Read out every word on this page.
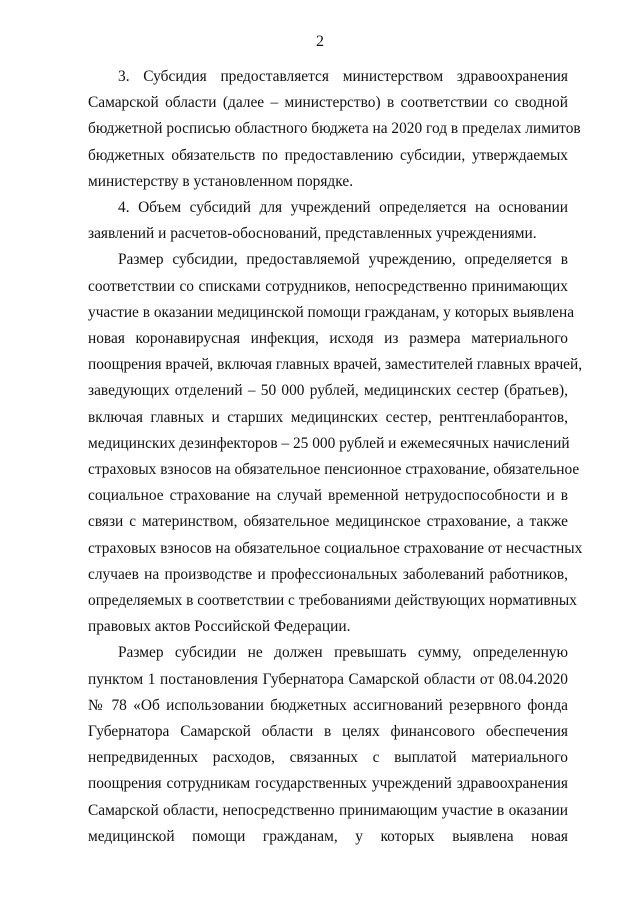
2

3. Субсидия предоставляется министерством здравоохранения
Самарской области (далее – министерство) в соответствии со сводной
бюджетной росписью областного бюджета на 2020 год в пределах лимитов
бюджетных обязательств по предоставлению субсидии, утверждаемых
министерству в установленном порядке.

4. Объем субсидий для учреждений определяется на основании
заявлений и расчетов-обоснований, представленных учреждениями.

Размер субсидии, предоставляемой учреждению, определяется в
соответствии со списками сотрудников, непосредственно принимающих
участие в оказании медицинской помощи гражданам, у которых выявлена
новая коронавирусная инфекция, исходя из размера материального
поощрения врачей, включая главных врачей, заместителей главных врачей,
заведующих отделений – 50 000 рублей, медицинских сестер (братьев),
включая главных и старших медицинских сестер, рентгенлаборантов,
медицинских дезинфекторов – 25 000 рублей и ежемесячных начислений
страховых взносов на обязательное пенсионное страхование, обязательное
социальное страхование на случай временной нетрудоспособности и в
связи с материнством, обязательное медицинское страхование, а также
страховых взносов на обязательное социальное страхование от несчастных
случаев на производстве и профессиональных заболеваний работников,
определяемых в соответствии с требованиями действующих нормативных
правовых актов Российской Федерации.

Размер субсидии не должен превышать сумму, определенную
пунктом 1 постановления Губернатора Самарской области от 08.04.2020
№ 78 «Об использовании бюджетных ассигнований резервного фонда
Губернатора Самарской области в целях финансового обеспечения
непредвиденных расходов, связанных с выплатой материального
поощрения сотрудникам государственных учреждений здравоохранения
Самарской области, непосредственно принимающим участие в оказании
медицинской помощи гражданам, у которых выявлена новая
